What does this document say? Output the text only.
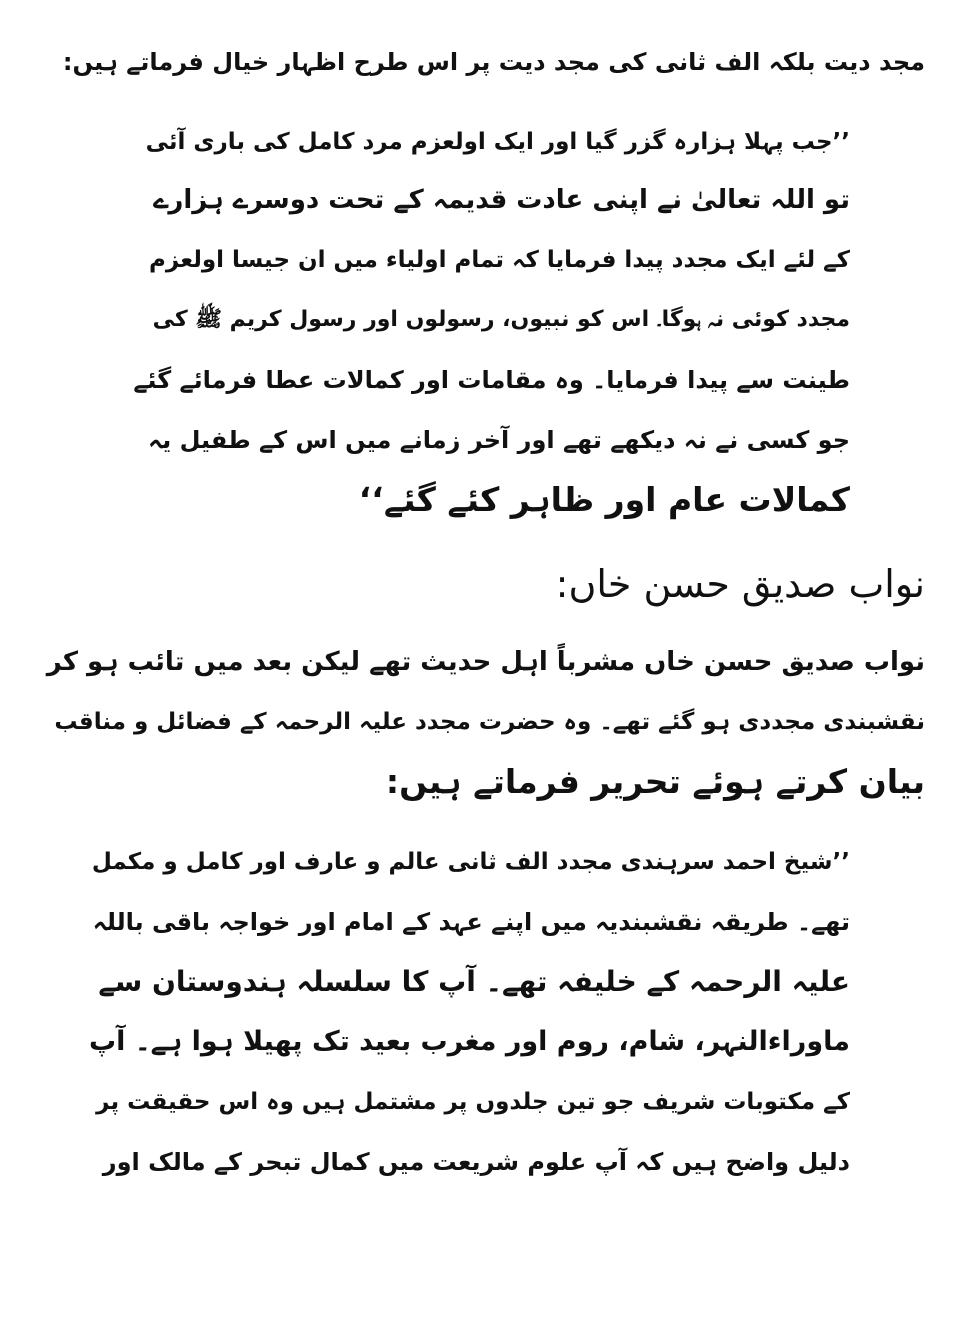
مجد دیت بلکہ الف ثانی کی مجد دیت پر اس طرح اظہار خیال فرماتے ہیں:
’’جب پہلا ہزارہ گزر گیا اور ایک اولعزم مرد کامل کی باری آئی
تو اللہ تعالیٰ نے اپنی عادت قدیمہ کے تحت دوسرے ہزارے
کے لئے ایک مجدد پیدا فرمایا کہ تمام اولیاء میں ان جیسا اولعزم
مجدد کوئی نہ ہوگا۔ اس کو نبیوں، رسولوں اور رسول کریم ﷺ کی
طینت سے پیدا فرمایا۔ وہ مقامات اور کمالات عطا فرمائے گئے
جو کسی نے نہ دیکھے تھے اور آخر زمانے میں اس کے طفیل یہ
کمالات عام اور ظاہر کئے گئے‘‘
نواب صدیق حسن خاں:
نواب صدیق حسن خاں مشرباً اہل حدیث تھے لیکن بعد میں تائب ہو کر
نقشبندی مجددی ہو گئے تھے۔ وہ حضرت مجدد علیہ الرحمہ کے فضائل و مناقب
بیان کرتے ہوئے تحریر فرماتے ہیں:
’’شیخ احمد سرہندی مجدد الف ثانی عالم و عارف اور کامل و مکمل
تھے۔ طریقہ نقشبندیہ میں اپنے عہد کے امام اور خواجہ باقی باللہ
علیہ الرحمہ کے خلیفہ تھے۔ آپ کا سلسلہ ہندوستان سے
ماوراءالنہر، شام، روم اور مغرب بعید تک پھیلا ہوا ہے۔ آپ
کے مکتوبات شریف جو تین جلدوں پر مشتمل ہیں وہ اس حقیقت پر
دلیل واضح ہیں کہ آپ علوم شریعت میں کمال تبحر کے مالک اور
